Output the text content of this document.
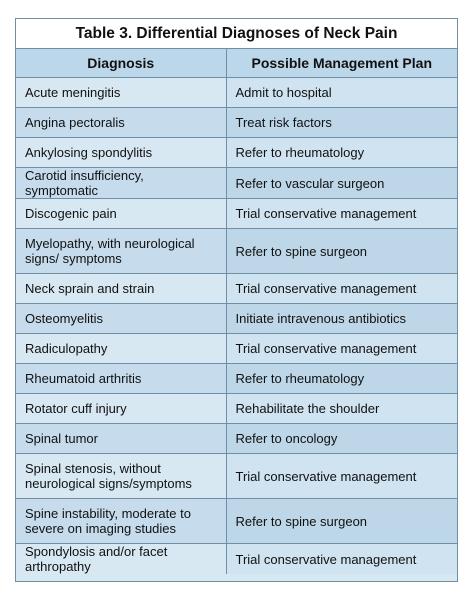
Table 3. Differential Diagnoses of Neck Pain
Diagnosis	Possible Management Plan
Acute meningitis	Admit to hospital
Angina pectoralis	Treat risk factors
Ankylosing spondylitis	Refer to rheumatology
Carotid insufficiency, symptomatic	Refer to vascular surgeon
Discogenic pain	Trial conservative management
Myelopathy, with neurological signs/ symptoms	Refer to spine surgeon
Neck sprain and strain	Trial conservative management
Osteomyelitis	Initiate intravenous antibiotics
Radiculopathy	Trial conservative management
Rheumatoid arthritis	Refer to rheumatology
Rotator cuff injury	Rehabilitate the shoulder
Spinal tumor	Refer to oncology
Spinal stenosis, without neurological signs/symptoms	Trial conservative management
Spine instability, moderate to severe on imaging studies	Refer to spine surgeon
Spondylosis and/or facet arthropathy	Trial conservative management
